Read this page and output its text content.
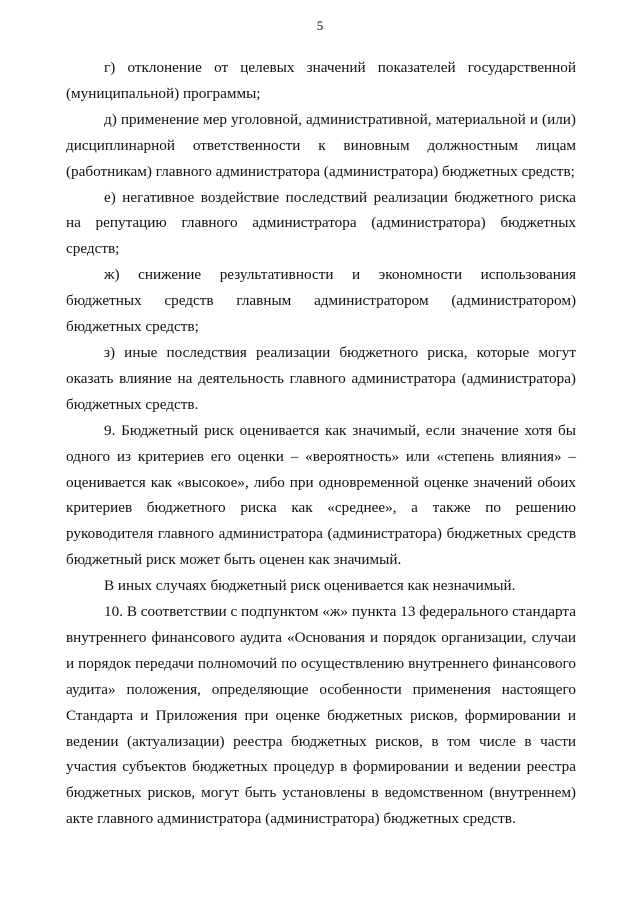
5

г) отклонение от целевых значений показателей государственной (муниципальной) программы;

д) применение мер уголовной, административной, материальной и (или) дисциплинарной ответственности к виновным должностным лицам (работникам) главного администратора (администратора) бюджетных средств;

е) негативное воздействие последствий реализации бюджетного риска на репутацию главного администратора (администратора) бюджетных средств;

ж) снижение результативности и экономности использования бюджетных средств главным администратором (администратором) бюджетных средств;

з) иные последствия реализации бюджетного риска, которые могут оказать влияние на деятельность главного администратора (администратора) бюджетных средств.

9. Бюджетный риск оценивается как значимый, если значение хотя бы одного из критериев его оценки – «вероятность» или «степень влияния» – оценивается как «высокое», либо при одновременной оценке значений обоих критериев бюджетного риска как «среднее», а также по решению руководителя главного администратора (администратора) бюджетных средств бюджетный риск может быть оценен как значимый.

В иных случаях бюджетный риск оценивается как незначимый.

10. В соответствии с подпунктом «ж» пункта 13 федерального стандарта внутреннего финансового аудита «Основания и порядок организации, случаи и порядок передачи полномочий по осуществлению внутреннего финансового аудита» положения, определяющие особенности применения настоящего Стандарта и Приложения при оценке бюджетных рисков, формировании и ведении (актуализации) реестра бюджетных рисков, в том числе в части участия субъектов бюджетных процедур в формировании и ведении реестра бюджетных рисков, могут быть установлены в ведомственном (внутреннем) акте главного администратора (администратора) бюджетных средств.
